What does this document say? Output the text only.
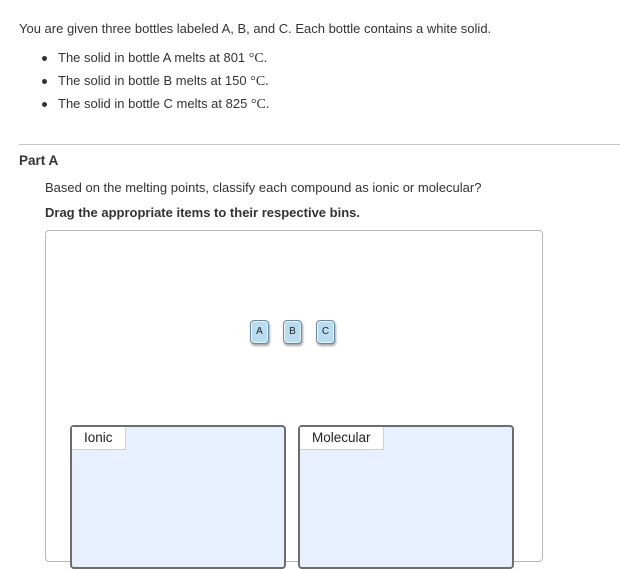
You are given three bottles labeled A, B, and C. Each bottle contains a white solid.
The solid in bottle A melts at 801 °C.
The solid in bottle B melts at 150 °C.
The solid in bottle C melts at 825 °C.
Part A
Based on the melting points, classify each compound as ionic or molecular?
Drag the appropriate items to their respective bins.
A	B	C
Ionic	Molecular
